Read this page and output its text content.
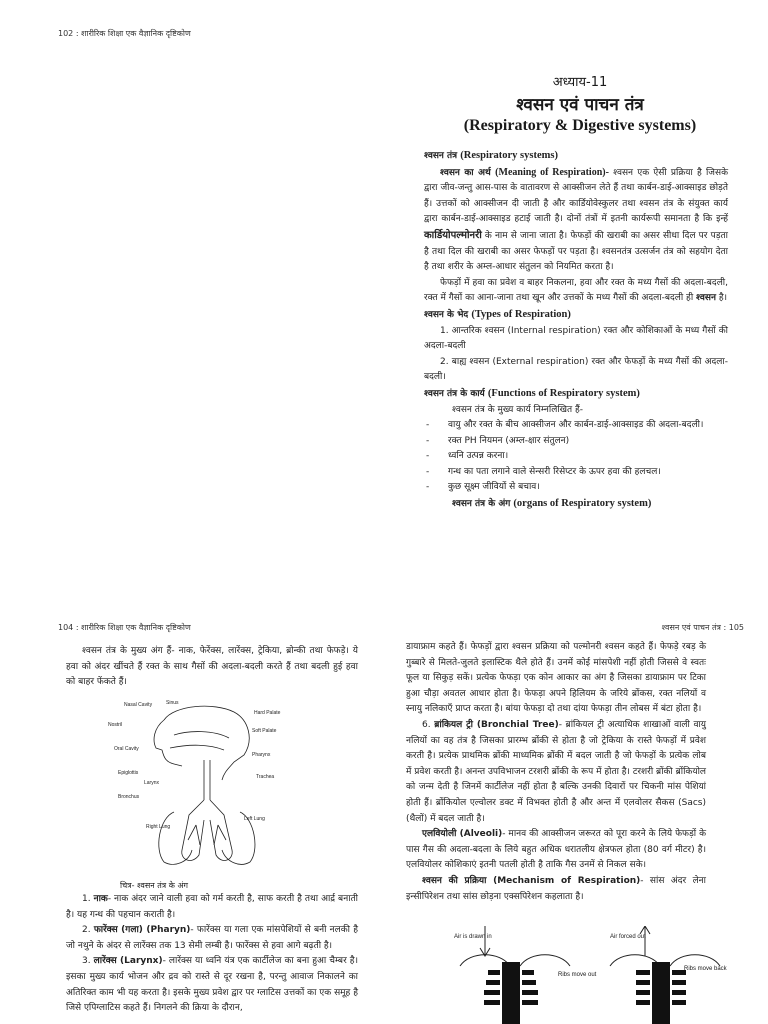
102 : शारीरिक शिक्षा एक वैज्ञानिक दृष्टिकोण
अध्याय-11
श्वसन एवं पाचन तंत्र
(Respiratory & Digestive systems)
श्वसन तंत्र (Respiratory systems)
श्वसन का अर्थ (Meaning of Respiration)- श्वसन एक ऐसी प्रक्रिया है जिसके द्वारा जीव-जन्तु आस-पास के वातावरण से आक्सीजन लेते हैं तथा कार्बन-डाई-आक्साइड छोड़ते हैं। उत्तकों को आक्सीजन दी जाती है और कार्डियोवेस्कुलर तथा श्वसन तंत्र के संयुक्त कार्य द्वारा कार्बन-डाई-आक्साइड हटाई जाती है। दोनों तंत्रों में इतनी कार्यरूपी समानता है कि इन्हें कार्डियोपल्मोनरी के नाम से जाना जाता है। फेफड़ों की खराबी का असर सीधा दिल पर पड़ता है तथा दिल की खराबी का असर फेफड़ों पर पड़ता है। श्वसनतंत्र उत्सर्जन तंत्र को सहयोग देता है तथा शरीर के अम्ल-आधार संतुलन को नियमित करता है।
फेफड़ों में हवा का प्रवेश व बाहर निकलना, हवा और रक्त के मध्य गैसों की अदला-बदली, रक्त में गैसों का आना-जाना तथा खून और उत्तकों के मध्य गैसों की अदला-बदली ही श्वसन है।
श्वसन के भेद (Types of Respiration)
1. आन्तरिक श्वसन (Internal respiration) रक्त और कोशिकाओं के मध्य गैसों की अदला-बदली
2. बाह्य श्वसन (External respiration) रक्त और फेफड़ों के मध्य गैसों की अदला-बदली।
श्वसन तंत्र के कार्य (Functions of Respiratory system)
श्वसन तंत्र के मुख्य कार्य निम्नलिखित हैं-
- वायु और रक्त के बीच आक्सीजन और कार्बन-डाई-आक्साइड की अदला-बदली।
- रक्त PH नियमन (अम्ल-क्षार संतुलन)
- ध्वनि उत्पन्न करना।
- गन्ध का पता लगाने वाले सेन्सरी रिसेप्टर के ऊपर हवा की हलचल।
- कुछ सूक्ष्म जीवियों से बचाव।
श्वसन तंत्र के अंग (organs of Respiratory system)
104 : शारीरिक शिक्षा एक वैज्ञानिक दृष्टिकोण
श्वसन तंत्र के मुख्य अंग हैं- नाक, फेरेंक्स, लारेंक्स, ट्रेकिया, ब्रोन्की तथा फेफड़े। ये हवा को अंदर खींचते हैं रक्त के साथ गैसों की अदला-बदली करते हैं तथा बदली हुई हवा को बाहर फेंकते हैं।
Nasal Cavity	Sinus
Nostril
Hard Palate
Soft Palate
Oral Cavity
Pharynx
Epiglottis
Larynx
Trachea
Bronchus
Right Lung
Left Lung
चित्र- श्वसन तंत्र के अंग
1. नाक- नाक अंदर जाने वाली हवा को गर्म करती है, साफ करती है तथा आर्द्र बनाती है। यह गन्ध की पहचान कराती है।
2. फारेंक्स (गला) (Pharyn)- फारेंक्स या गला एक मांसपेशियों से बनी नलकी है जो नथुने के अंदर से लारेंक्स तक 13 सेमी लम्बी है। फारेंक्स से हवा आगे बढ़ती है।
3. लारेंक्स (Larynx)- लारेंक्स या ध्वनि यंत्र एक कार्टीलेज का बना हुआ चैम्बर है। इसका मुख्य कार्य भोजन और द्रव को रास्ते से दूर रखना है, परन्तु आवाज निकालने का अतिरिक्त काम भी यह करता है। इसके मुख्य प्रवेश द्वार पर ग्लाटिस उत्तकों का एक समूह है जिसे एपिग्लाटिस कहते हैं। निगलने की क्रिया के दौरान,
श्वसन एवं पाचन तंत्र : 105
डायाफ्राम कहते हैं। फेफड़ों द्वारा श्वसन प्रक्रिया को पल्मोनरी श्वसन कहते हैं। फेफड़े रबड़ के गुब्बारे से मिलते-जुलते इलास्टिक थैले होते हैं। उनमें कोई मांसपेशी नहीं होती जिससे वे स्वतः फूल या सिकुड़ सकें। प्रत्येक फेफड़ा एक कोन आकार का अंग है जिसका डायाफ्राम पर टिका हुआ चौड़ा अवतल आधार होता है। फेफड़ा अपने हिलियम के जरिये ब्रोंकस, रक्त नलियों व स्नायु नलिकाएँ प्राप्त करता है। बांया फेफड़ा दो तथा दांया फेफड़ा तीन लोबस में बंटा होता है।
6. ब्रांकियल ट्री (Bronchial Tree)- ब्रांकियल ट्री अत्याधिक शाखाओं वाली वायु नलियों का वह तंत्र है जिसका प्रारम्भ ब्रोंकी से होता है जो ट्रेकिया के रास्ते फेफड़ों में प्रवेश करती है। प्रत्येक प्राथमिक ब्रोंकी माध्यमिक ब्रोंकी में बदल जाती है जो फेफड़ों के प्रत्येक लोब में प्रवेश करती है। अनन्त उपविभाजन टरशरी ब्रोंकी के रूप में होता है। टरशरी ब्रोंकी ब्रोंकियोल को जन्म देती है जिनमें कार्टीलेज नहीं होता है बल्कि उनकी दिवारों पर चिकनी मांस पेशियां होती हैं। ब्रोंकियोल एल्वोलर डक्ट में विभक्त होती है और अन्त में एलवोलर सैकस (Sacs) (थैलों) में बदल जाती है।
एलवियोली (Alveoli)- मानव की आक्सीजन जरूरत को पूरा करने के लिये फेफड़ों के पास गैस की अदला-बदला के लिये बहुत अधिक धरातलीय क्षेत्रफल होता (80 वर्ग मीटर) है। एलवियोलर कोशिकाएं इतनी पतली होती है ताकि गैस उनमें से निकल सके।
श्वसन की प्रक्रिया (Mechanism of Respiration)- सांस अंदर लेना इन्सीपिरेशन तथा सांस छोड़ना एक्सपिरेशन कहलाता है।
Air is drawn in	Air forced out
Ribs move out
Ribs move back
